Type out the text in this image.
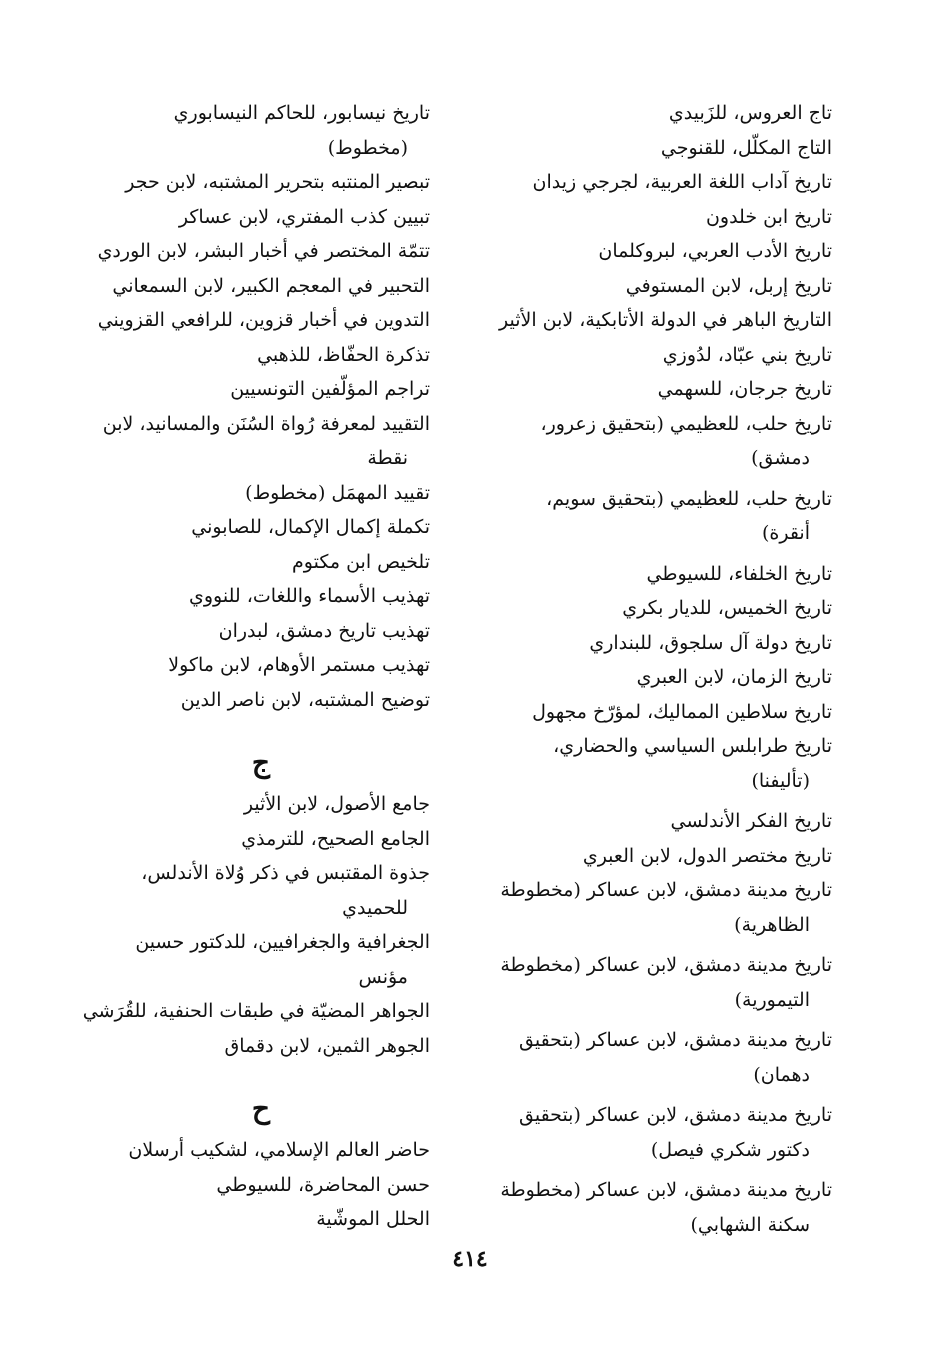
تاج العروس، للزَبيدي
التاج المكلّل، للقنوجي
تاريخ آداب اللغة العربية، لجرجي زيدان
تاريخ ابن خلدون
تاريخ الأدب العربي، لبروكلمان
تاريخ إربل، لابن المستوفي
التاريخ الباهر في الدولة الأتابكية، لابن الأثير
تاريخ بني عبّاد، لدُوزي
تاريخ جرجان، للسهمي
تاريخ حلب، للعظيمي (بتحقيق زعرور،
دمشق)
تاريخ حلب، للعظيمي (بتحقيق سويم،
أنقرة)
تاريخ الخلفاء، للسيوطي
تاريخ الخميس، للديار بكري
تاريخ دولة آل سلجوق، للبنداري
تاريخ الزمان، لابن العبري
تاريخ سلاطين المماليك، لمؤرّخ مجهول
تاريخ طرابلس السياسي والحضاري،
(تأليفنا)
تاريخ الفكر الأندلسي
تاريخ مختصر الدول، لابن العبري
تاريخ مدينة دمشق، لابن عساكر (مخطوطة
الظاهرية)
تاريخ مدينة دمشق، لابن عساكر (مخطوطة
التيمورية)
تاريخ مدينة دمشق، لابن عساكر (بتحقيق
دهمان)
تاريخ مدينة دمشق، لابن عساكر (بتحقيق
دكتور شكري فيصل)
تاريخ مدينة دمشق، لابن عساكر (مخطوطة
سكنة الشهابي)
تاريخ نيسابور، للحاكم النيسابوري
(مخطوط)
تبصير المنتبه بتحرير المشتبه، لابن حجر
تبيين كذب المفتري، لابن عساكر
تتمّة المختصر في أخبار البشر، لابن الوردي
التحبير في المعجم الكبير، لابن السمعاني
التدوين في أخبار قزوين، للرافعي القزويني
تذكرة الحفّاظ، للذهبي
تراجم المؤلّفين التونسيين
التقييد لمعرفة رُواة السُنَن والمسانيد، لابن
نقطة
تقييد المهمَل (مخطوط)
تكملة إكمال الإكمال، للصابوني
تلخيص ابن مكتوم
تهذيب الأسماء واللغات، للنووي
تهذيب تاريخ دمشق، لبدران
تهذيب مستمر الأوهام، لابن ماكولا
توضيح المشتبه، لابن ناصر الدين
ج
جامع الأصول، لابن الأثير
الجامع الصحيح، للترمذي
جذوة المقتبس في ذكر وُلاة الأندلس،
للحميدي
الجغرافية والجغرافيين، للدكتور حسين
مؤنس
الجواهر المضيّة في طبقات الحنفية، للقُرَشي
الجوهر الثمين، لابن دقماق
ح
حاضر العالم الإسلامي، لشكيب أرسلان
حسن المحاضرة، للسيوطي
الحلل الموشّية
٤١٤
